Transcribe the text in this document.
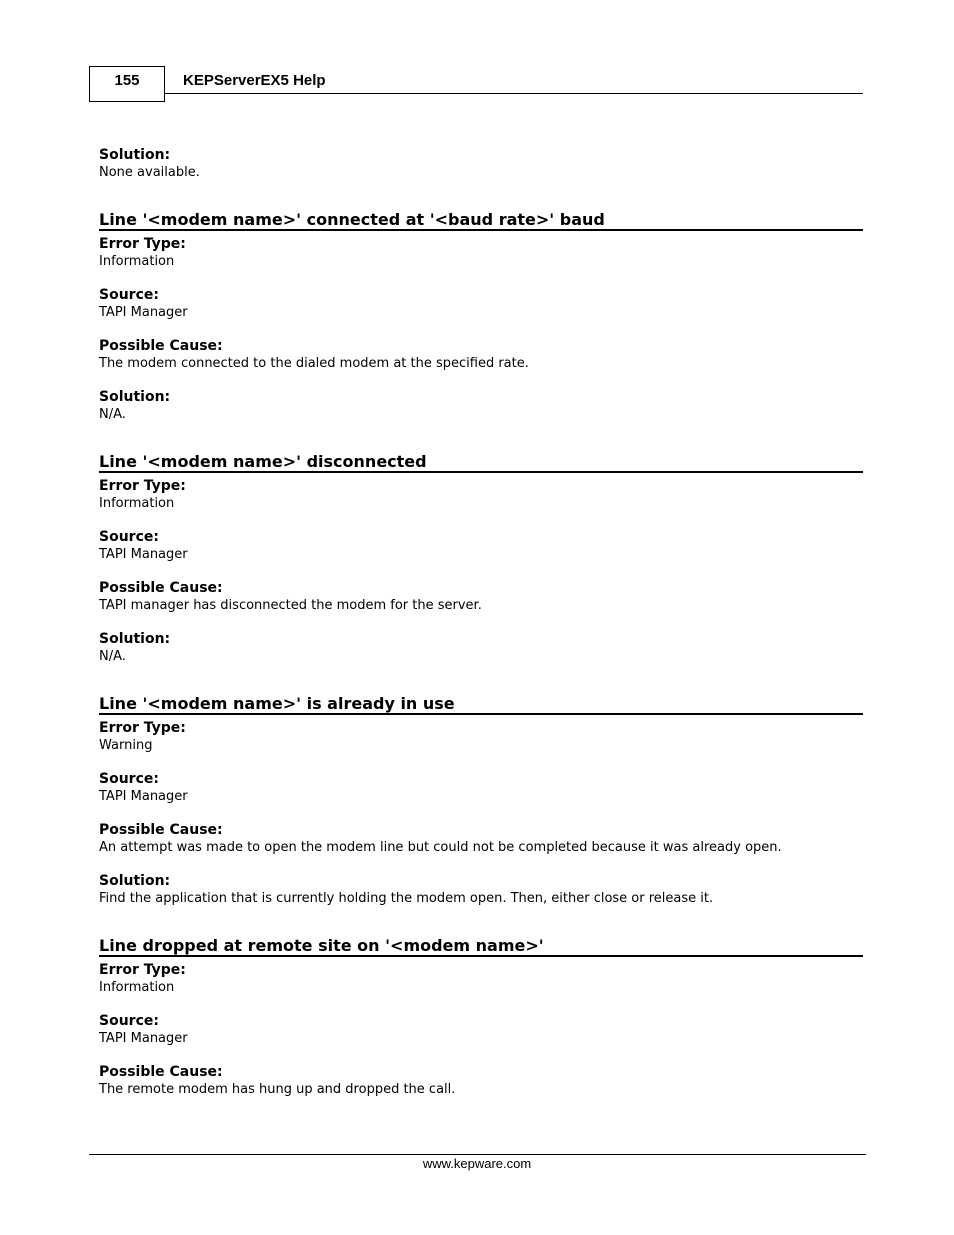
155	KEPServerEX5 Help

Solution:

None available.

Line '<modem name>' connected at '<baud rate>' baud

Error Type:

Information

Source:

TAPI Manager

Possible Cause:

The modem connected to the dialed modem at the specified rate.

Solution:

N/A.

Line '<modem name>' disconnected

Error Type:

Information

Source:

TAPI Manager

Possible Cause:

TAPI manager has disconnected the modem for the server.

Solution:

N/A.

Line '<modem name>' is already in use

Error Type:

Warning

Source:

TAPI Manager

Possible Cause:

An attempt was made to open the modem line but could not be completed because it was already open.

Solution:

Find the application that is currently holding the modem open. Then, either close or release it.

Line dropped at remote site on '<modem name>'

Error Type:

Information

Source:

TAPI Manager

Possible Cause:

The remote modem has hung up and dropped the call.

www.kepware.com
